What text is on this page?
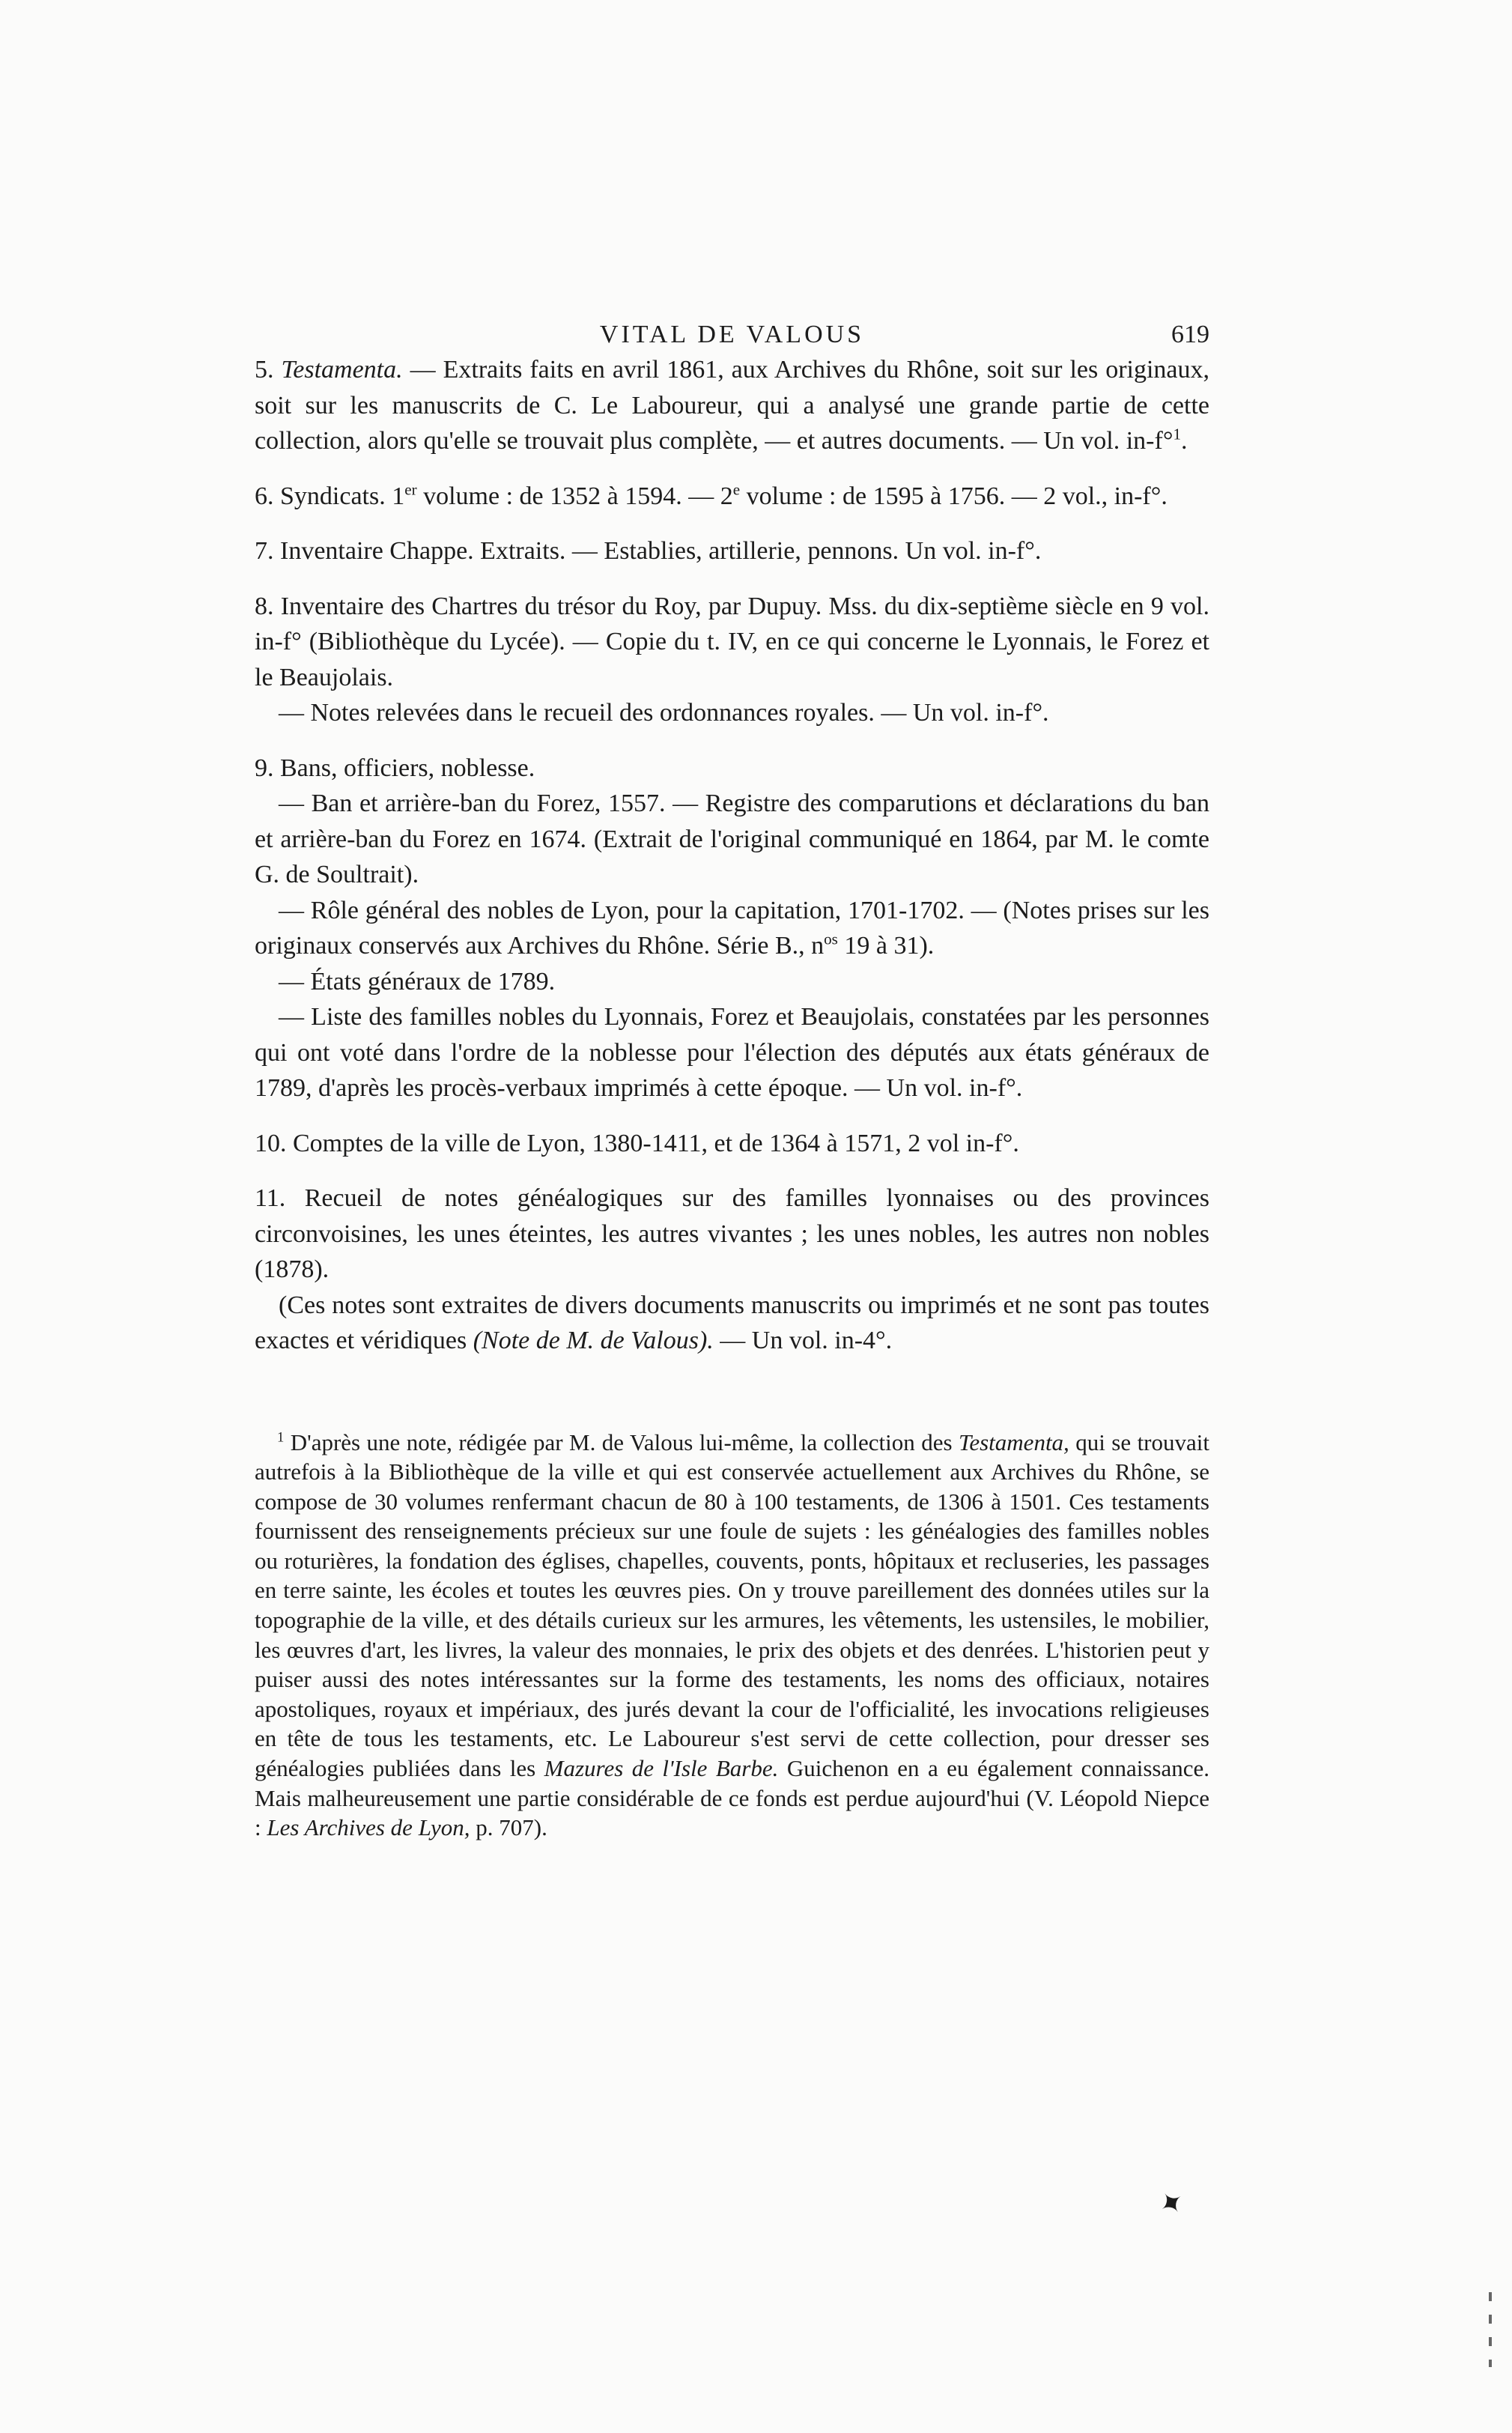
VITAL DE VALOUS	619

5. Testamenta. — Extraits faits en avril 1861, aux Archives du Rhône, soit sur les originaux, soit sur les manuscrits de C. Le Laboureur, qui a analysé une grande partie de cette collection, alors qu'elle se trouvait plus complète, — et autres documents. — Un vol. in-f°$^1$.

6. Syndicats. 1er volume : de 1352 à 1594. — 2e volume : de 1595 à 1756. — 2 vol., in-f°.

7. Inventaire Chappe. Extraits. — Establies, artillerie, pennons. Un vol. in-f°.

8. Inventaire des Chartres du trésor du Roy, par Dupuy. Mss. du dix-septième siècle en 9 vol. in-f° (Bibliothèque du Lycée). — Copie du t. IV, en ce qui concerne le Lyonnais, le Forez et le Beaujolais.

— Notes relevées dans le recueil des ordonnances royales. — Un vol. in-f°.

9. Bans, officiers, noblesse.

— Ban et arrière-ban du Forez, 1557. — Registre des comparutions et déclarations du ban et arrière-ban du Forez en 1674. (Extrait de l'original communiqué en 1864, par M. le comte G. de Soultrait).

— Rôle général des nobles de Lyon, pour la capitation, 1701-1702. — (Notes prises sur les originaux conservés aux Archives du Rhône. Série B., $n^{os}$ 19 à 31).

— États généraux de 1789.

— Liste des familles nobles du Lyonnais, Forez et Beaujolais, constatées par les personnes qui ont voté dans l'ordre de la noblesse pour l'élection des députés aux états généraux de 1789, d'après les procès-verbaux imprimés à cette époque. — Un vol. in-f°.

10. Comptes de la ville de Lyon, 1380-1411, et de 1364 à 1571, 2 vol in-f°.

11. Recueil de notes généalogiques sur des familles lyonnaises ou des provinces circonvoisines, les unes éteintes, les autres vivantes ; les unes nobles, les autres non nobles (1878).

(Ces notes sont extraites de divers documents manuscrits ou imprimés et ne sont pas toutes exactes et véridiques (Note de M. de Valous). — Un vol. in-4°.

$^1$ D'après une note, rédigée par M. de Valous lui-même, la collection des Testamenta, qui se trouvait autrefois à la Bibliothèque de la ville et qui est conservée actuellement aux Archives du Rhône, se compose de 30 volumes renfermant chacun de 80 à 100 testaments, de 1306 à 1501. Ces testaments fournissent des renseignements précieux sur une foule de sujets : les généalogies des familles nobles ou roturières, la fondation des églises, chapelles, couvents, ponts, hôpitaux et recluseries, les passages en terre sainte, les écoles et toutes les œuvres pies. On y trouve pareillement des données utiles sur la topographie de la ville, et des détails curieux sur les armures, les vêtements, les ustensiles, le mobilier, les œuvres d'art, les livres, la valeur des monnaies, le prix des objets et des denrées. L'historien peut y puiser aussi des notes intéressantes sur la forme des testaments, les noms des officiaux, notaires apostoliques, royaux et impériaux, des jurés devant la cour de l'officialité, les invocations religieuses en tête de tous les testaments, etc. Le Laboureur s'est servi de cette collection, pour dresser ses généalogies publiées dans les Mazures de l'Isle Barbe. Guichenon en a eu également connaissance. Mais malheureusement une partie considérable de ce fonds est perdue aujourd'hui (V. Léopold Niepce : Les Archives de Lyon, p. 707).

✦
